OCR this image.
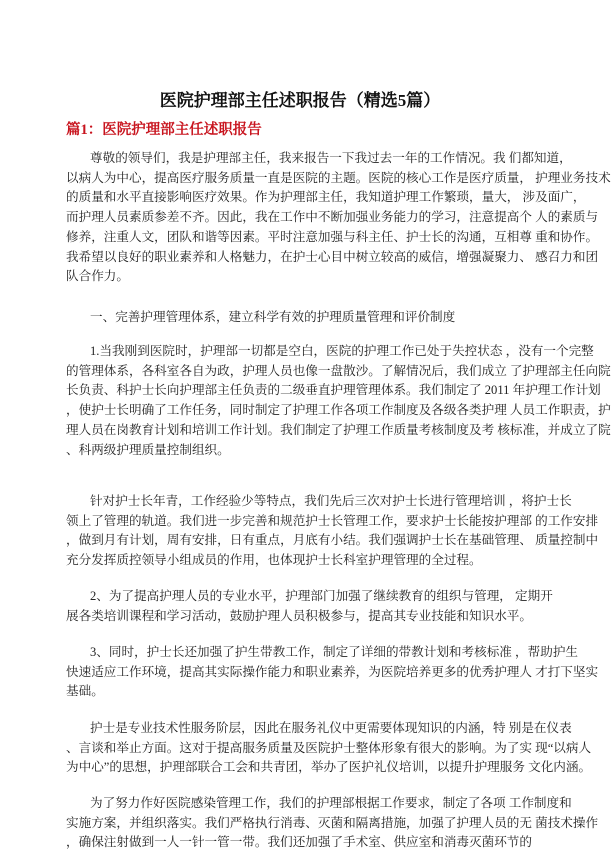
医院护理部主任述职报告（精选5篇）
篇1：医院护理部主任述职报告
尊敬的领导们，我是护理部主任，我来报告一下我过去一年的工作情况。我 们都知道，
以病人为中心，提高医疗服务质量一直是医院的主题。医院的核心工作是医疗质量， 护理业务技术
的质量和水平直接影响医疗效果。作为护理部主任，我知道护理工作繁琐，量大， 涉及面广，
而护理人员素质参差不齐。因此，我在工作中不断加强业务能力的学习，注意提高个 人的素质与
修养，注重人文，团队和谐等因素。平时注意加强与科主任、护士长的沟通，互相尊 重和协作。
我希望以良好的职业素养和人格魅力，在护士心目中树立较高的威信，增强凝聚力、 感召力和团
队合作力。
一、完善护理管理体系，建立科学有效的护理质量管理和评价制度
1.当我刚到医院时，护理部一切都是空白，医院的护理工作已处于失控状态 ，没有一个完整
的管理体系，各科室各自为政，护理人员也像一盘散沙。了解情况后，我们成立 了护理部主任向院
长负责、科护士长向护理部主任负责的二级垂直护理管理体系。我们制定了 2011 年护理工作计划
，使护士长明确了工作任务，同时制定了护理工作各项工作制度及各级各类护理 人员工作职责，护
理人员在岗教育计划和培训工作计划。我们制定了护理工作质量考核制度及考 核标准，并成立了院
、科两级护理质量控制组织。
针对护士长年青，工作经验少等特点，我们先后三次对护士长进行管理培训 ，将护士长
领上了管理的轨道。我们进一步完善和规范护士长管理工作，要求护士长能按护理部 的工作安排
，做到月有计划，周有安排，日有重点，月底有小结。我们强调护士长在基础管理、 质量控制中
充分发挥质控领导小组成员的作用，也体现护士长科室护理管理的全过程。
2、为了提高护理人员的专业水平，护理部门加强了继续教育的组织与管理， 定期开
展各类培训课程和学习活动，鼓励护理人员积极参与，提高其专业技能和知识水平。
3、同时，护士长还加强了护生带教工作，制定了详细的带教计划和考核标准 ，帮助护生
快速适应工作环境，提高其实际操作能力和职业素养，为医院培养更多的优秀护理人 才打下坚实
基础。
护士是专业技术性服务阶层，因此在服务礼仪中更需要体现知识的内涵，特 别是在仪表
、言谈和举止方面。这对于提高服务质量及医院护士整体形象有很大的影响。为了实 现“以病人
为中心”的思想，护理部联合工会和共青团，举办了医护礼仪培训，以提升护理服务 文化内涵。
为了努力作好医院感染管理工作，我们的护理部根据工作要求，制定了各项 工作制度和
实施方案，并组织落实。我们严格执行消毒、灭菌和隔离措施，加强了护理人员的无 菌技术操作
，确保注射做到一人一针一管一带。我们还加强了手术室、供应室和消毒灭菌环节的
